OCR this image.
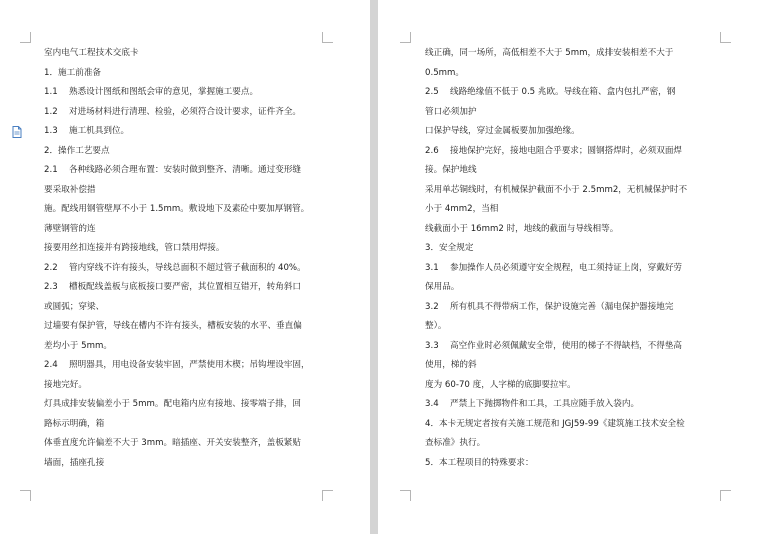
室内电气工程技术交底卡
1．施工前准备
1.1　 熟悉设计图纸和图纸会审的意见，掌握施工要点。
1.2　 对进场材料进行清理、检验，必须符合设计要求，证件齐全。
1.3　 施工机具到位。
2．操作工艺要点
2.1　 各种线路必须合理布置：安装时做到整齐、清晰。通过变形缝
要采取补偿措
施。配线用钢管壁厚不小于 1.5mm。敷设地下及素砼中要加厚钢管。
薄壁钢管的连
接要用丝扣连接并有跨接地线，管口禁用焊接。
2.2　 管内穿线不许有接头，导线总面积不超过管子截面积的 40%。
2.3　 槽板配线盖板与底板接口要严密，其位置相互错开，转角斜口
或圆弧；穿梁、
过墙要有保护管，导线在槽内不许有接头，槽板安装的水平、垂直偏
差均小于 5mm。
2.4　 照明器具，用电设备安装牢固，严禁使用木楔；吊钩埋设牢固，
接地完好。
灯具成排安装偏差小于 5mm。配电箱内应有接地、接零端子排，回
路标示明确，箱
体垂直度允许偏差不大于 3mm。暗插座、开关安装整齐，盖板紧贴
墙面，插座孔接
线正确，同一场所，高低相差不大于 5mm，成排安装相差不大于
0.5mm。
2.5　 线路绝缘值不低于 0.5 兆欧。导线在箱、盒内包扎严密，钢
管口必须加护
口保护导线，穿过金属板要加加强绝缘。
2.6　 接地保护完好，接地电阻合乎要求；圆钢搭焊时，必须双面焊
接。保护地线
采用单芯铜线时，有机械保护截面不小于 2.5mm2，无机械保护时不
小于 4mm2，当相
线截面小于 16mm2 时，地线的截面与导线相等。
3．安全规定
3.1　 参加操作人员必须遵守安全规程，电工须持证上岗，穿戴好劳
保用品。
3.2　 所有机具不得带病工作，保护设施完善（漏电保护器接地完
整）。
3.3　 高空作业时必须佩戴安全带，使用的梯子不得缺档，不得垫高
使用，梯的斜
度为 60-70 度，人字梯的底脚要拉牢。
3.4　 严禁上下抛掷物件和工具，工具应随手放入袋内。
4．本卡无规定者按有关施工规范和 JGJ59-99《建筑施工技术安全检
查标准》执行。
5．本工程项目的特殊要求：
